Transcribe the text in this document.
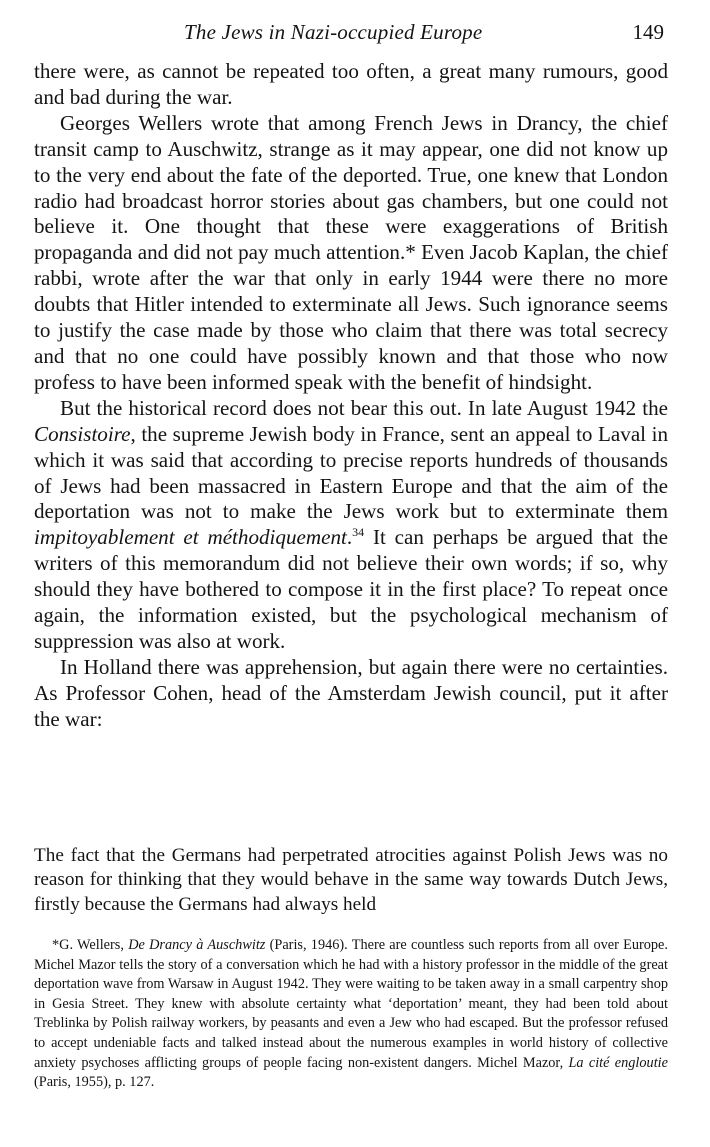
The Jews in Nazi-occupied Europe	149

there were, as cannot be repeated too often, a great many rumours, good and bad during the war.

Georges Wellers wrote that among French Jews in Drancy, the chief transit camp to Auschwitz, strange as it may appear, one did not know up to the very end about the fate of the deported. True, one knew that London radio had broadcast horror stories about gas chambers, but one could not believe it. One thought that these were exaggerations of British propaganda and did not pay much attention.* Even Jacob Kaplan, the chief rabbi, wrote after the war that only in early 1944 were there no more doubts that Hitler intended to exterminate all Jews. Such ignorance seems to justify the case made by those who claim that there was total secrecy and that no one could have possibly known and that those who now profess to have been informed speak with the benefit of hindsight.

But the historical record does not bear this out. In late August 1942 the Consistoire, the supreme Jewish body in France, sent an appeal to Laval in which it was said that according to precise reports hundreds of thousands of Jews had been massacred in Eastern Europe and that the aim of the deportation was not to make the Jews work but to exterminate them impitoyablement et méthodiquement.$^{34}$ It can perhaps be argued that the writers of this memorandum did not believe their own words; if so, why should they have bothered to compose it in the first place? To repeat once again, the information existed, but the psychological mechanism of suppression was also at work.

In Holland there was apprehension, but again there were no certainties. As Professor Cohen, head of the Amsterdam Jewish council, put it after the war:

The fact that the Germans had perpetrated atrocities against Polish Jews was no reason for thinking that they would behave in the same way towards Dutch Jews, firstly because the Germans had always held

*G. Wellers, De Drancy à Auschwitz (Paris, 1946). There are countless such reports from all over Europe. Michel Mazor tells the story of a conversation which he had with a history professor in the middle of the great deportation wave from Warsaw in August 1942. They were waiting to be taken away in a small carpentry shop in Gesia Street. They knew with absolute certainty what ‘deportation’ meant, they had been told about Treblinka by Polish railway workers, by peasants and even a Jew who had escaped. But the professor refused to accept undeniable facts and talked instead about the numerous examples in world history of collective anxiety psychoses afflicting groups of people facing non-existent dangers. Michel Mazor, La cité engloutie (Paris, 1955), p. 127.
